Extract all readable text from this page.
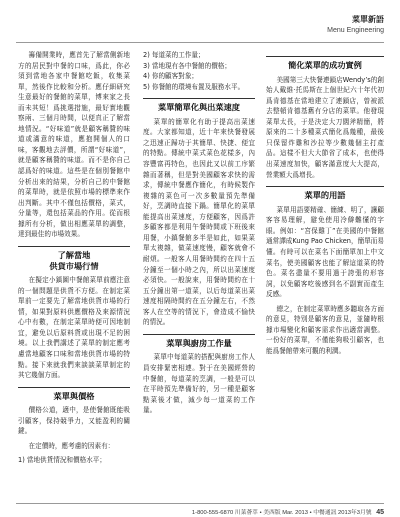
菜單新語
Menu Engineering

籌備開業時，應首先了解當側新地方的居民對中餐的口味，爲此，你必須到當地各家中餐館吃飯，收集菜單，然後作比較和分析。應仔細研究生意最好的餐館的菜單，博來家之長而未其短！爲挑選措施，最好實地觀察兩、三個月時間，以便真正了解當地情況。“好味道”就是顧客稱贊的味道或滿意的味道，應抱開個人的口味，客觀地去評價，所謂“好味道”，就是顧客稱贊的味道。而不是你自己認爲好的味道。這些是在個別餐館中分析出來的結果，分析自己的中餐館的菜單時，就是依照市場的標準來作出判斷。其中不僅包括價格，菜式，分量等，還包括菜品的作用。從而根據所有分析，做出相應菜單的調整，達到最佳的市場效果。

了解當地
供貨市場行情

在擬定小鎮圖中餐館菜單前應注意的一個問題是供貨不方便。在制定菜單前一定要先了解當地供貨市場的行情，如果對原料供應價格及來源情況心中有數，在制定菜單時便可因地制宜，避免以后原料貨或出現不足的困境。以上我們講述了菜單的制定應考慮當地顧客口味和當地供貨市場的特點。接下來就我們來談談菜單制定的其它幾個方面。

菜單與價格

價格公道，適中，是使餐館既能吸引顧客，保持競爭力，又能盈利的關鍵。

在定價時，應考慮的因素有：

1) 當地供貨情況和價格水平；
2) 每道菜的工作量；
3) 當地現有各中餐館的價格；
4) 你的顧客對象；
5) 你餐館的環境布置及服務水平。
菜單簡單化與出菜速度

菜單的簡單化有助于提高出菜速度。大家都知道，近十年來快餐發展之迅速正歸功于其簡單、快捷、便宜的特點。傳統中菜式菜色花樣多，內容豐富再特色，也因此又以前工序繁雜而著稱，但是對美國顧客求快的需求，傳統中餐應作簡化，有時候製作複雜的菜色可一次多數量預先準備好，烹調時直接下鍋。簡單化的菜單能提高出菜速度，方便顧客，因爲許多顧客都是利用午餐時間或下班後來用餐，小鎮餐館多半是如此，如果菜單太複雜，做菜速度慢，顧客就會不耐煩。一般客人用餐時間約在四十五分鐘至一個小時之內，所以出菜速度必須快。一般說來，用餐時間約在十五分鐘出第一道菜，以后每道菜出菜速度相隔時間約在五分鐘左右，不然客人在空等的情況下，會造成不愉快的情況。

菜單與廚房工作量

菜單中每道菜的搭配與廚房工作人員安排緊密相連。對于在美國經營的中餐館，每道菜的烹調，一般是可以在平時預先準備好的，另一種是顧客點菜後才做，減少每一道菜的工作量。

簡化菜單的成功實例

美國第三大快餐連鎖店Wendy’s的創始人戴維·托馬斯在上個世紀六十年代初爲肯德基在當地建立了連鎖店，曾被派去整頓肯德基舊有分店的菜單。他發現菜單太長，于是決定大刀闊斧精簡，將原來的二十多種菜式簡化爲幾種，最後只保留炸雞和沙拉等少數幾個主打產品。這樣不但大大節省了成本，也使得出菜速度加快，顧客滿意度大大提高，營業額大爲增長。

菜單的用語

菜單用語要精確、簡練、明了，讓顧客容易理解，避免使用冷僻難懂的字眼。例如：“宮保雞丁”在美國的中餐館通常譯成Kung Pao Chicken，簡單而易懂。有時可以在菜名下面簡單加上中文菜名，使美國顧客也能了解這道菜的特色。菜名盡量不要用過于誇張的形容詞，以免顧客吃後感到名不副實而產生反感。

總之，在制定菜單時應多聽取各方面的意見，特別是顧客的意見，並隨時根據市場變化和顧客需求作出適當調整。一份好的菜單，不僅能夠吸引顧客，也能爲餐館帶來可觀的利潤。

1-800-555-6870 川菜薈萃 • 美西版 Mar. 2013 • 中餐通訊 2013年3月號 45
